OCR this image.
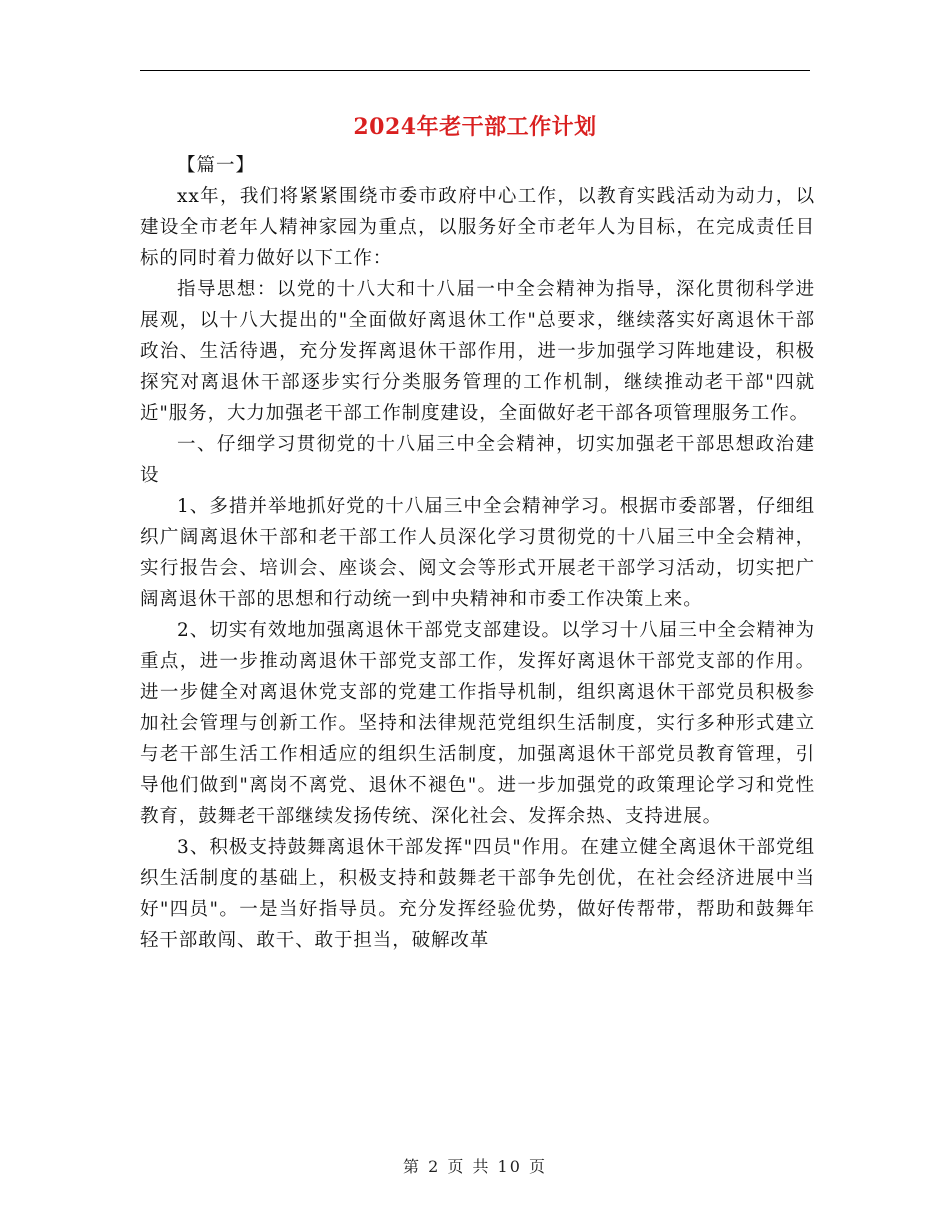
2024年老干部工作计划

【篇一】

xx年，我们将紧紧围绕市委市政府中心工作，以教育实践活动为动力，以建设全市老年人精神家园为重点，以服务好全市老年人为目标，在完成责任目标的同时着力做好以下工作：

指导思想：以党的十八大和十八届一中全会精神为指导，深化贯彻科学进展观，以十八大提出的"全面做好离退休工作"总要求，继续落实好离退休干部政治、生活待遇，充分发挥离退休干部作用，进一步加强学习阵地建设，积极探究对离退休干部逐步实行分类服务管理的工作机制，继续推动老干部"四就近"服务，大力加强老干部工作制度建设，全面做好老干部各项管理服务工作。

一、仔细学习贯彻党的十八届三中全会精神，切实加强老干部思想政治建设

1、多措并举地抓好党的十八届三中全会精神学习。根据市委部署，仔细组织广阔离退休干部和老干部工作人员深化学习贯彻党的十八届三中全会精神，实行报告会、培训会、座谈会、阅文会等形式开展老干部学习活动，切实把广阔离退休干部的思想和行动统一到中央精神和市委工作决策上来。

2、切实有效地加强离退休干部党支部建设。以学习十八届三中全会精神为重点，进一步推动离退休干部党支部工作，发挥好离退休干部党支部的作用。进一步健全对离退休党支部的党建工作指导机制，组织离退休干部党员积极参加社会管理与创新工作。坚持和法律规范党组织生活制度，实行多种形式建立与老干部生活工作相适应的组织生活制度，加强离退休干部党员教育管理，引导他们做到"离岗不离党、退休不褪色"。进一步加强党的政策理论学习和党性教育，鼓舞老干部继续发扬传统、深化社会、发挥余热、支持进展。

3、积极支持鼓舞离退休干部发挥"四员"作用。在建立健全离退休干部党组织生活制度的基础上，积极支持和鼓舞老干部争先创优，在社会经济进展中当好"四员"。一是当好指导员。充分发挥经验优势，做好传帮带，帮助和鼓舞年轻干部敢闯、敢干、敢于担当，破解改革

第 2 页 共 10 页
